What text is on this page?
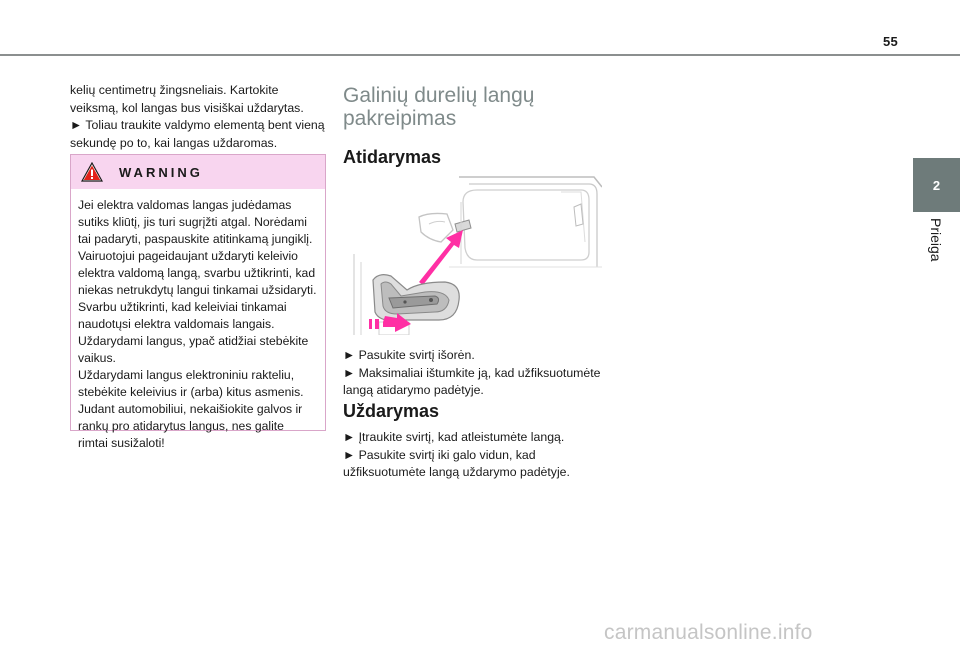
55
2
Prieiga

kelių centimetrų žingsneliais. Kartokite veiksmą, kol langas bus visiškai uždarytas.

► Toliau traukite valdymo elementą bent vieną sekundę po to, kai langas uždaromas.

WARNING

Jei elektra valdomas langas judėdamas sutiks kliūtį, jis turi sugrįžti atgal. Norėdami tai padaryti, paspauskite atitinkamą jungiklį.

Vairuotojui pageidaujant uždaryti keleivio elektra valdomą langą, svarbu užtikrinti, kad niekas netrukdytų langui tinkamai užsidaryti.

Svarbu užtikrinti, kad keleiviai tinkamai naudotųsi elektra valdomais langais.

Uždarydami langus, ypač atidžiai stebėkite vaikus.

Uždarydami langus elektroniniu rakteliu, stebėkite keleivius ir (arba) kitus asmenis.

Judant automobiliui, nekaišiokite galvos ir rankų pro atidarytus langus, nes galite rimtai susižaloti!

Galinių durelių langų pakreipimas
Atidarymas

► Pasukite svirtį išorėn.

► Maksimaliai ištumkite ją, kad užfiksuotumėte langą atidarymo padėtyje.

Uždarymas

► Įtraukite svirtį, kad atleistumėte langą.

► Pasukite svirtį iki galo vidun, kad užfiksuotumėte langą uždarymo padėtyje.

carmanualsonline.info
